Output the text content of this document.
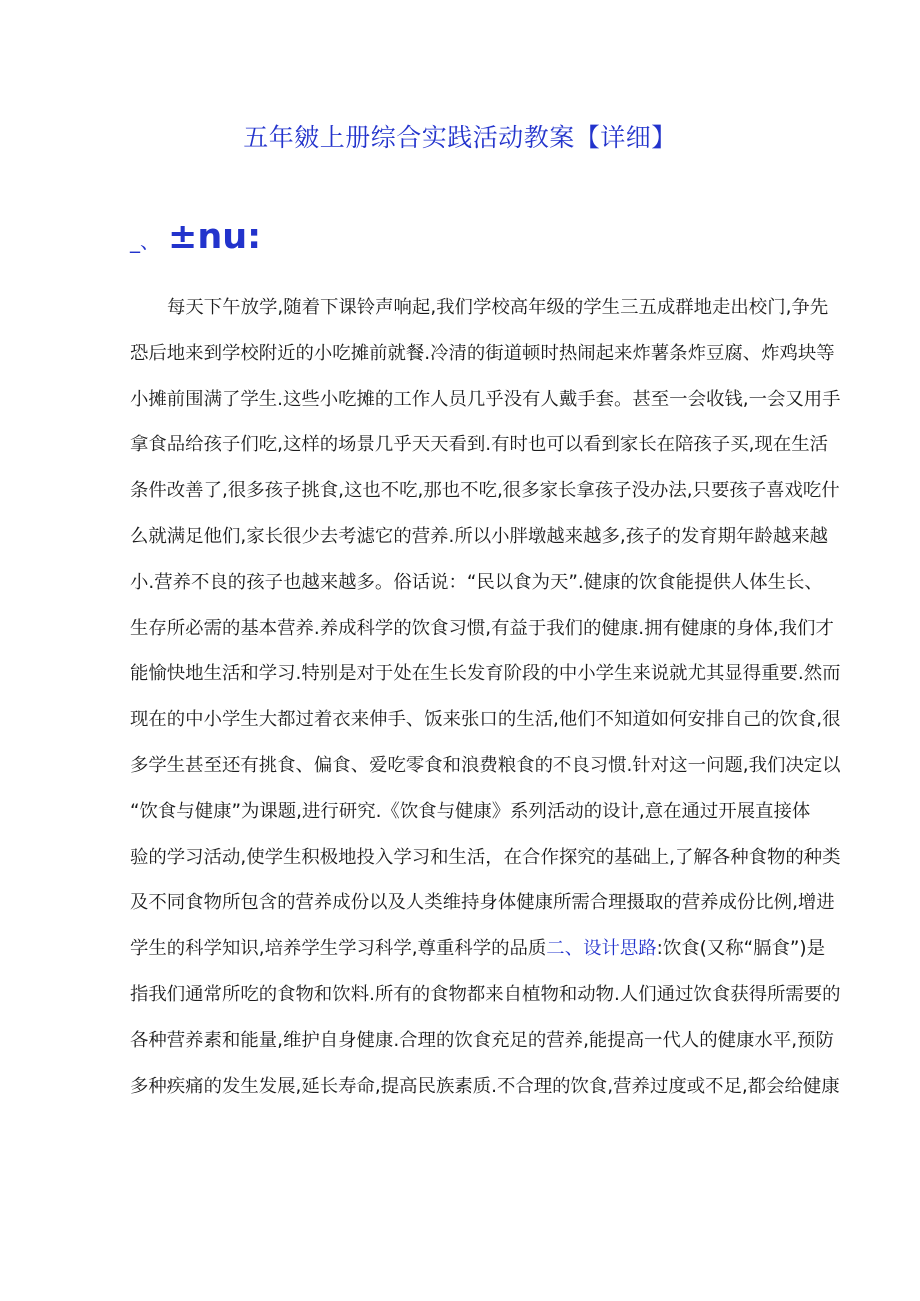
五年皴上册综合实践活动教案【详细】
_、 ±nu:
每天下午放学,随着下课铃声响起,我们学校高年级的学生三五成群地走出校门,争先
恐后地来到学校附近的小吃摊前就餐.冷清的街道顿时热闹起来炸薯条炸豆腐、炸鸡块等
小摊前围满了学生.这些小吃摊的工作人员几乎没有人戴手套。甚至一会收钱,一会又用手
拿食品给孩子们吃,这样的场景几乎天天看到.有时也可以看到家长在陪孩子买,现在生活
条件改善了,很多孩子挑食,这也不吃,那也不吃,很多家长拿孩子没办法,只要孩子喜戏吃什
么就满足他们,家长很少去考滤它的营养.所以小胖墩越来越多,孩子的发育期年龄越来越
小.营养不良的孩子也越来越多。俗话说：“民以食为天”.健康的饮食能提供人体生长、
生存所必需的基本营养.养成科学的饮食习惯,有益于我们的健康.拥有健康的身体,我们才
能愉快地生活和学习.特别是对于处在生长发育阶段的中小学生来说就尤其显得重要.然而
现在的中小学生大都过着衣来伸手、饭来张口的生活,他们不知道如何安排自己的饮食,很
多学生甚至还有挑食、偏食、爱吃零食和浪费粮食的不良习惯.针对这一问题,我们决定以
“饮食与健康”为课题,进行研究.《饮食与健康》系列活动的设计,意在通过开展直接体
验的学习活动,使学生积极地投入学习和生活，在合作探究的基础上,了解各种食物的种类
及不同食物所包含的营养成份以及人类维持身体健康所需合理摄取的营养成份比例,增进
学生的科学知识,培养学生学习科学,尊重科学的品质二、设计思路:饮食(又称“膈食”)是
指我们通常所吃的食物和饮料.所有的食物都来自植物和动物.人们通过饮食获得所需要的
各种营养素和能量,维护自身健康.合理的饮食充足的营养,能提高一代人的健康水平,预防
多种疾痛的发生发展,延长寿命,提高民族素质.不合理的饮食,营养过度或不足,都会给健康
